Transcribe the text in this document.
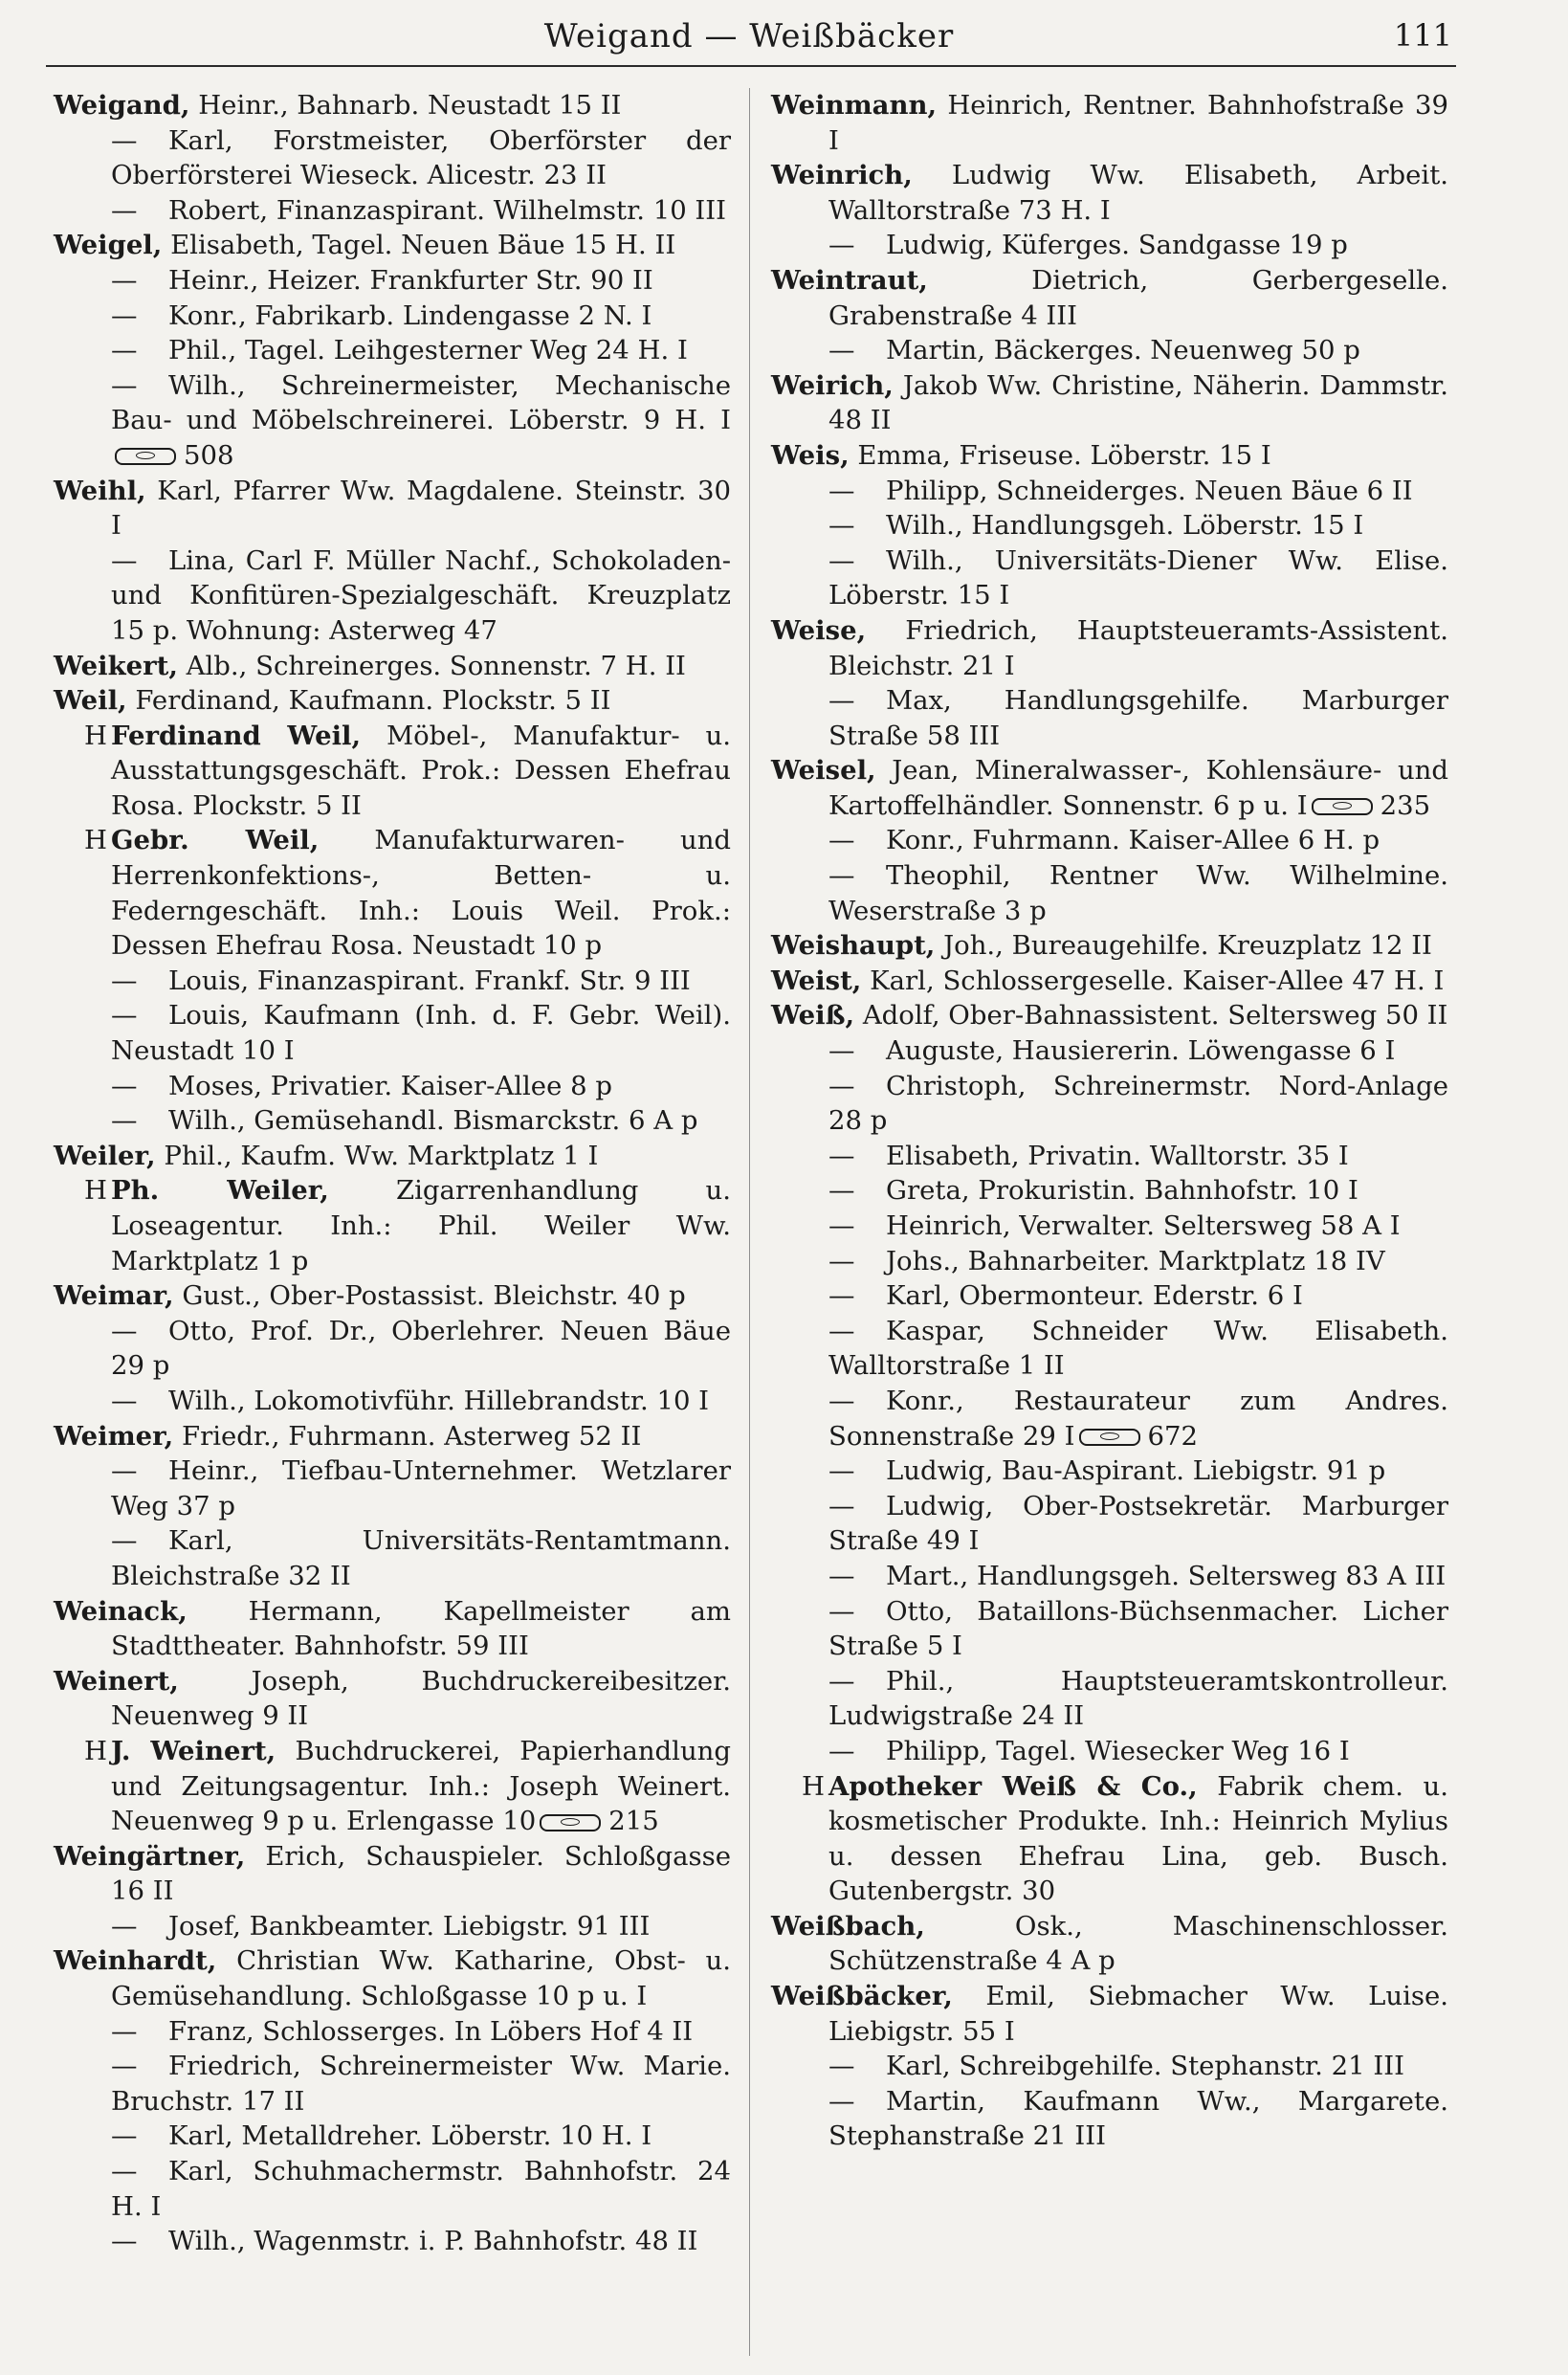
Weigand — Weißbäcker	111
Weigand, Heinr., Bahnarb. Neustadt 15 II
— Karl, Forstmeister, Oberförster der Oberförsterei Wieseck. Alicestr. 23 II
— Robert, Finanzaspirant. Wilhelmstr. 10 III
Weigel, Elisabeth, Tagel. Neuen Bäue 15 H. II
— Heinr., Heizer. Frankfurter Str. 90 II
— Konr., Fabrikarb. Lindengasse 2 N. I
— Phil., Tagel. Leihgesterner Weg 24 H. I
— Wilh., Schreinermeister, Mechanische Bau- und Möbelschreinerei. Löberstr. 9 H. I508
Weihl, Karl, Pfarrer Ww. Magdalene. Steinstr. 30 I
— Lina, Carl F. Müller Nachf., Schokoladen- und Konfitüren-Spezialgeschäft. Kreuzplatz 15 p. Wohnung: Asterweg 47
Weikert, Alb., Schreinerges. Sonnenstr. 7 H. II
Weil, Ferdinand, Kaufmann. Plockstr. 5 II
H Ferdinand Weil, Möbel-, Manufaktur- u. Ausstattungsgeschäft. Prok.: Dessen Ehefrau Rosa. Plockstr. 5 II
H Gebr. Weil, Manufakturwaren- und Herrenkonfektions-, Betten- u. Federngeschäft. Inh.: Louis Weil. Prok.: Dessen Ehefrau Rosa. Neustadt 10 p
— Louis, Finanzaspirant. Frankf. Str. 9 III
— Louis, Kaufmann (Inh. d. F. Gebr. Weil). Neustadt 10 I
— Moses, Privatier. Kaiser-Allee 8 p
— Wilh., Gemüsehandl. Bismarckstr. 6 A p
Weiler, Phil., Kaufm. Ww. Marktplatz 1 I
H Ph. Weiler,	Zigarrenhandlung u. Loseagentur. Inh.: Phil. Weiler Ww. Marktplatz 1 p
Weimar, Gust., Ober-Postassist. Bleichstr. 40 p
— Otto, Prof. Dr., Oberlehrer. Neuen Bäue 29 p
— Wilh., Lokomotivführ. Hillebrandstr. 10 I
Weimer, Friedr., Fuhrmann. Asterweg 52 II
— Heinr., Tiefbau-Unternehmer. Wetzlarer Weg 37 p
— Karl, Universitäts-Rentamtmann. Bleichstraße 32 II
Weinack, Hermann, Kapellmeister am Stadttheater. Bahnhofstr. 59 III
Weinert,	Joseph, Buchdruckereibesitzer. Neuenweg 9 II
H J. Weinert, Buchdruckerei, Papierhandlung und Zeitungsagentur. Inh.: Joseph Weinert. Neuenweg 9 p u. Erlengasse 10	215
Weingärtner, Erich, Schauspieler. Schloßgasse 16 II
— Josef, Bankbeamter. Liebigstr. 91 III
Weinhardt, Christian Ww. Katharine, Obst- u. Gemüsehandlung. Schloßgasse 10 p u. I
— Franz, Schlosserges. In Löbers Hof 4 II
— Friedrich, Schreinermeister Ww. Marie. Bruchstr. 17 II
— Karl, Metalldreher. Löberstr. 10 H. I
— Karl, Schuhmachermstr. Bahnhofstr. 24 H. I
— Wilh., Wagenmstr. i. P. Bahnhofstr. 48 II
Weinmann, Heinrich, Rentner. Bahnhofstraße 39 I
Weinrich, Ludwig Ww. Elisabeth, Arbeit. Walltorstraße 73 H. I
— Ludwig, Küferges. Sandgasse 19 p
Weintraut,	Dietrich, Gerbergeselle. Grabenstraße 4 III
— Martin, Bäckerges. Neuenweg 50 p
Weirich, Jakob Ww. Christine, Näherin. Dammstr. 48 II
Weis, Emma, Friseuse. Löberstr. 15 I
— Philipp, Schneiderges. Neuen Bäue 6 II
— Wilh., Handlungsgeh. Löberstr. 15 I
— Wilh., Universitäts-Diener Ww. Elise. Löberstr. 15 I
Weise, Friedrich, Hauptsteueramts-Assistent. Bleichstr. 21 I
— Max, Handlungsgehilfe. Marburger Straße 58 III
Weisel, Jean, Mineralwasser-, Kohlensäure- und Kartoffelhändler. Sonnenstr. 6 p u. I	235
— Konr., Fuhrmann. Kaiser-Allee 6 H. p
— Theophil, Rentner Ww. Wilhelmine. Weserstraße 3 p
Weishaupt, Joh., Bureaugehilfe. Kreuzplatz 12 II
Weist, Karl, Schlossergeselle. Kaiser-Allee 47 H. I
Weiß, Adolf, Ober-Bahnassistent. Seltersweg 50 II
— Auguste, Hausiererin. Löwengasse 6 I
— Christoph, Schreinermstr. Nord-Anlage 28 p
— Elisabeth, Privatin. Walltorstr. 35 I
— Greta, Prokuristin. Bahnhofstr. 10 I
— Heinrich, Verwalter. Seltersweg 58 A I
— Johs., Bahnarbeiter. Marktplatz 18 IV
— Karl, Obermonteur. Ederstr. 6 I
— Kaspar, Schneider Ww. Elisabeth. Walltorstraße 1 II
— Konr., Restaurateur zum Andres. Sonnenstraße 29 I	672
— Ludwig, Bau-Aspirant. Liebigstr. 91 p
— Ludwig, Ober-Postsekretär. Marburger Straße 49 I
— Mart., Handlungsgeh. Seltersweg 83 A III
— Otto, Bataillons-Büchsenmacher. Licher Straße 5 I
— Phil., Hauptsteueramtskontrolleur. Ludwigstraße 24 II
— Philipp, Tagel. Wiesecker Weg 16 I
H Apotheker Weiß & Co., Fabrik chem. u. kosmetischer Produkte. Inh.: Heinrich Mylius u. dessen Ehefrau Lina, geb. Busch. Gutenbergstr. 30
Weißbach,	Osk., Maschinenschlosser. Schützenstraße 4 A p
Weißbäcker, Emil, Siebmacher Ww. Luise. Liebigstr. 55 I
— Karl, Schreibgehilfe. Stephanstr. 21 III
— Martin, Kaufmann Ww., Margarete. Stephanstraße 21 III
